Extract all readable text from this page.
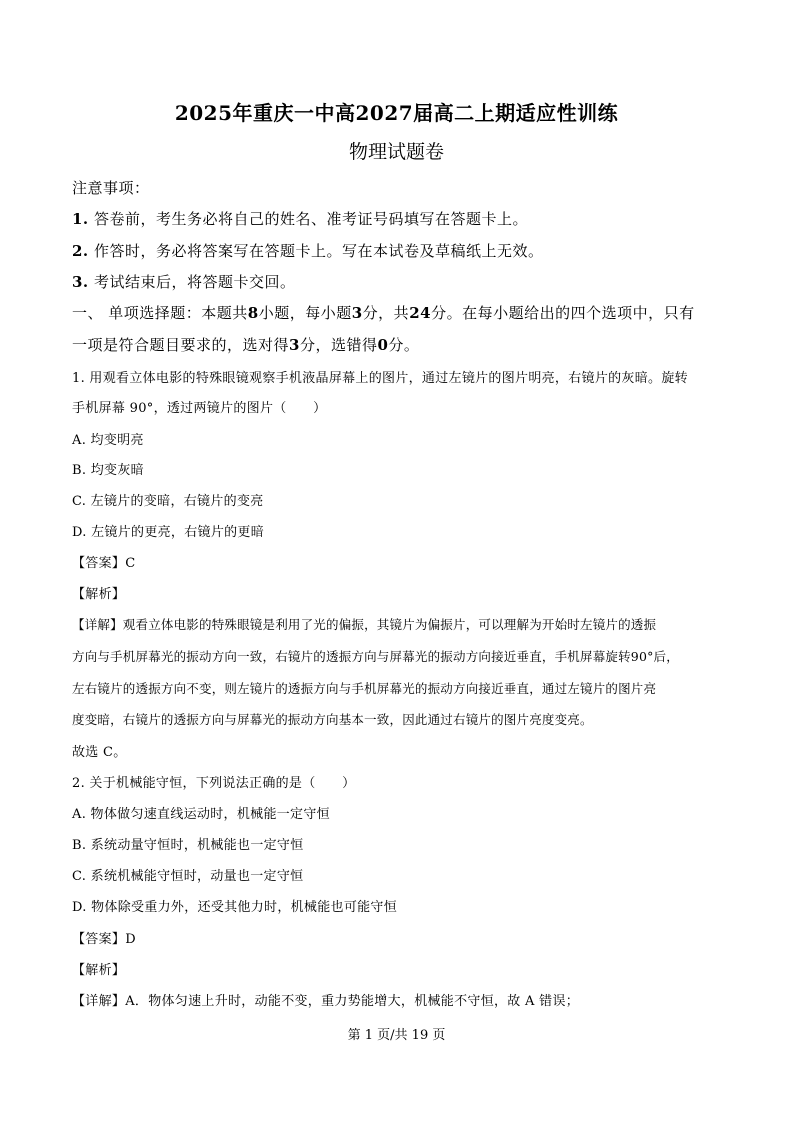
2025年重庆一中高2027届高二上期适应性训练
物理试题卷
注意事项：
1. 答卷前，考生务必将自己的姓名、准考证号码填写在答题卡上。
2. 作答时，务必将答案写在答题卡上。写在本试卷及草稿纸上无效。
3. 考试结束后，将答题卡交回。
一、 单项选择题：本题共8小题，每小题3分，共24分。在每小题给出的四个选项中，只有
一项是符合题目要求的，选对得3分，选错得0分。
1. 用观看立体电影的特殊眼镜观察手机液晶屏幕上的图片，通过左镜片的图片明亮，右镜片的灰暗。旋转
手机屏幕 90°，透过两镜片的图片（　　）
A. 均变明亮
B. 均变灰暗
C. 左镜片的变暗，右镜片的变亮
D. 左镜片的更亮，右镜片的更暗
【答案】C
【解析】
【详解】观看立体电影的特殊眼镜是利用了光的偏振，其镜片为偏振片，可以理解为开始时左镜片的透振
方向与手机屏幕光的振动方向一致，右镜片的透振方向与屏幕光的振动方向接近垂直，手机屏幕旋转90°后，
左右镜片的透振方向不变，则左镜片的透振方向与手机屏幕光的振动方向接近垂直，通过左镜片的图片亮
度变暗，右镜片的透振方向与屏幕光的振动方向基本一致，因此通过右镜片的图片亮度变亮。
故选 C。
2. 关于机械能守恒，下列说法正确的是（　　）
A. 物体做匀速直线运动时，机械能一定守恒
B. 系统动量守恒时，机械能也一定守恒
C. 系统机械能守恒时，动量也一定守恒
D. 物体除受重力外，还受其他力时，机械能也可能守恒
【答案】D
【解析】
【详解】A．物体匀速上升时，动能不变，重力势能增大，机械能不守恒，故 A 错误；
第 1 页/共 19 页
